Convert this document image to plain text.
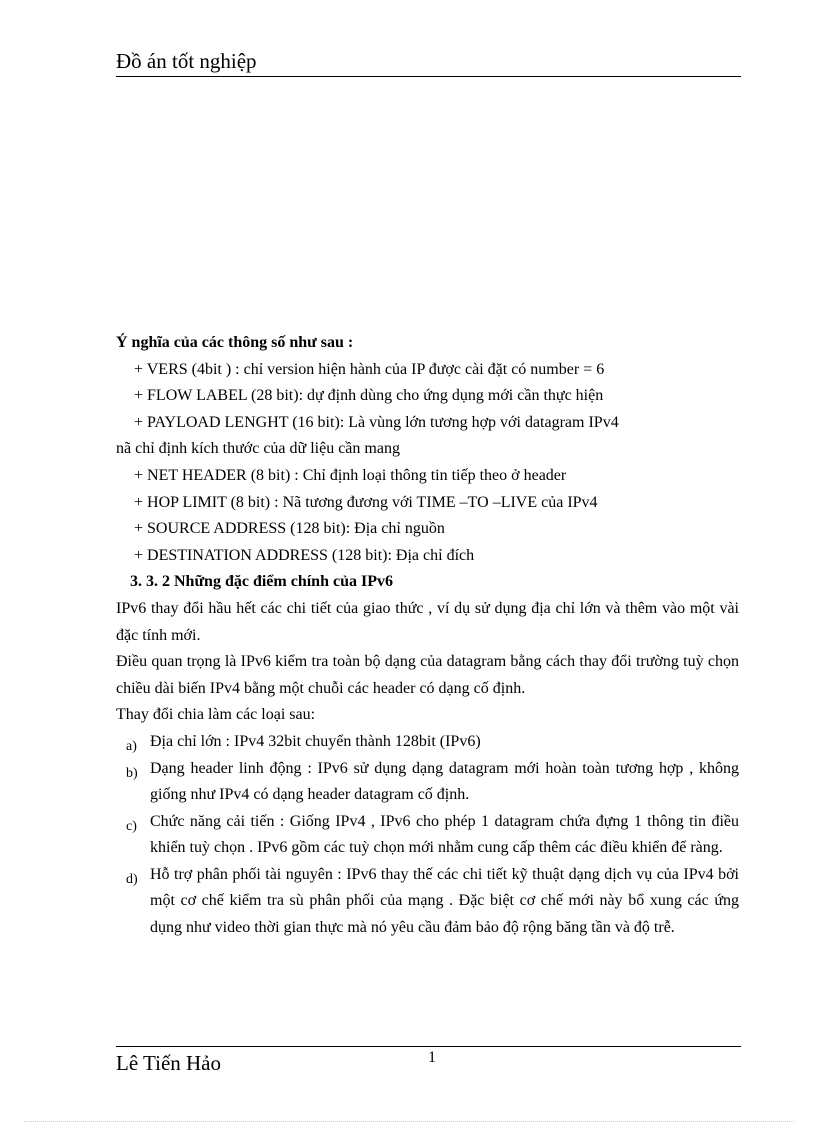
Đồ án tốt nghiệp

Ý nghĩa của các thông số như sau :

+ VERS (4bit ) : chỉ version hiện hành của IP được cài đặt có number = 6

+ FLOW LABEL (28 bit): dự định dùng cho ứng dụng mới cần thực hiện

+ PAYLOAD LENGHT (16 bit): Là vùng lớn tương hợp với datagram IPv4

nã chỉ định kích thước của dữ liệu cần mang

+ NET HEADER (8 bit) : Chỉ định loại thông tin tiếp theo ở header

+ HOP LIMIT (8 bit) : Nã tương đương với TIME –TO –LIVE của IPv4

+ SOURCE ADDRESS (128 bit): Địa chỉ nguồn

+ DESTINATION ADDRESS (128 bit): Địa chỉ đích

3. 3. 2 Những đặc điểm chính của IPv6

IPv6 thay đổi hầu hết các chi tiết của giao thức , ví dụ sử dụng địa chỉ lớn và thêm vào một vài đặc tính mới.

Điều quan trọng là IPv6 kiểm tra toàn bộ dạng của datagram bằng cách thay đổi trường tuỳ chọn chiều dài biến IPv4 bằng một chuỗi các header có dạng cố định.

Thay đổi chia làm các loại sau:

a) Địa chỉ lớn : IPv4 32bit chuyển thành 128bit (IPv6)
b) Dạng header linh động : IPv6 sử dụng dạng datagram mới hoàn toàn tương hợp , không giống như IPv4 có dạng header datagram cố định.
c) Chức năng cải tiến : Giống IPv4 , IPv6 cho phép 1 datagram chứa đựng 1 thông tin điều khiển tuỳ chọn . IPv6 gồm các tuỳ chọn mới nhằm cung cấp thêm các điều khiển để ràng.
d) Hỗ trợ phân phối tài nguyên : IPv6 thay thế các chi tiết kỹ thuật dạng dịch vụ của IPv4 bởi một cơ chế kiểm tra sù phân phối của mạng . Đặc biệt cơ chế mới này bổ xung các ứng dụng như video thời gian thực mà nó yêu cầu đảm bảo độ rộng băng tần và độ trễ.
Lê Tiến Hảo	1
